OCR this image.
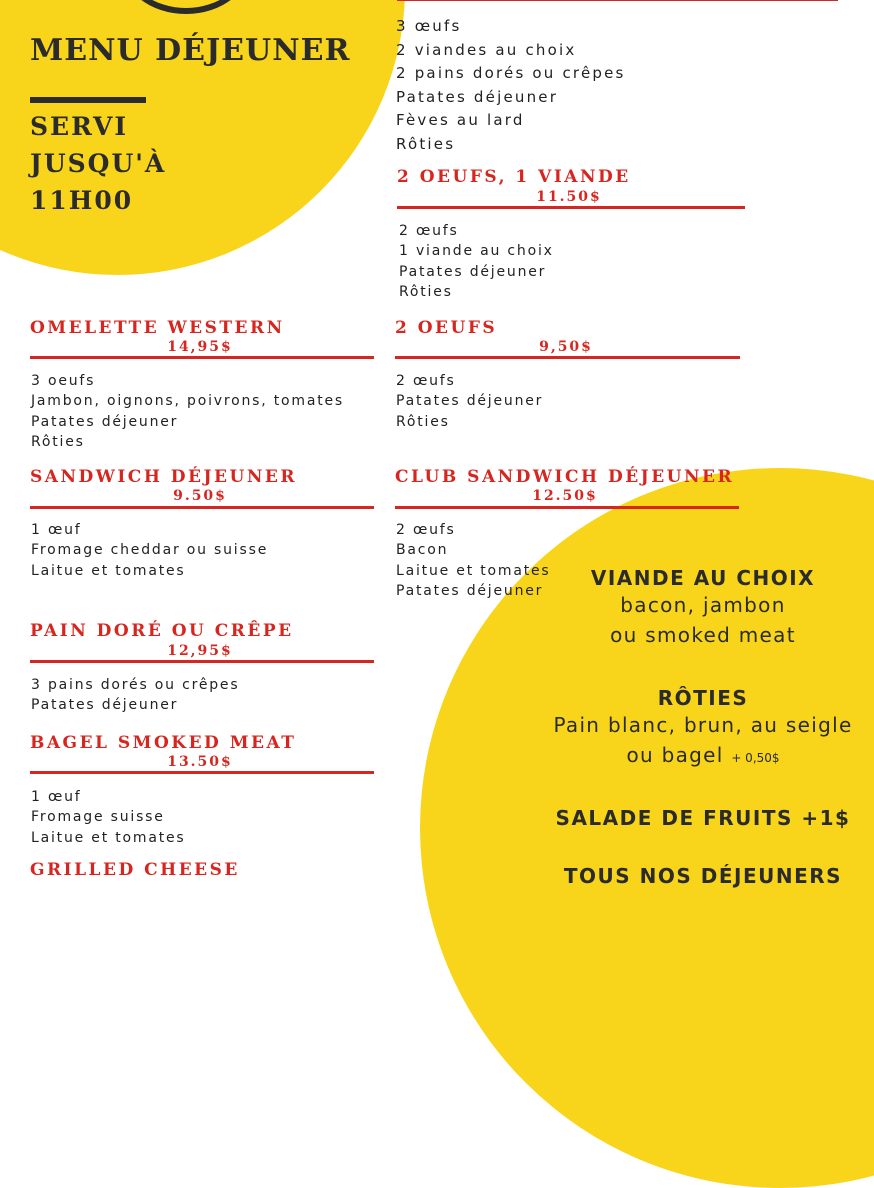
MENU DÉJEUNER
SERVI
JUSQU'À
11H00
3 œufs
2 viandes au choix
2 pains dorés ou crêpes
Patates déjeuner
Fèves au lard
Rôties
2 OEUFS, 1 VIANDE
11.50$
2 œufs
1 viande au choix
Patates déjeuner
Rôties
OMELETTE WESTERN
14,95$
3 oeufs
Jambon, oignons, poivrons, tomates
Patates déjeuner
Rôties
2 OEUFS
9,50$
2 œufs
Patates déjeuner
Rôties
SANDWICH DÉJEUNER
9.50$
1 œuf
Fromage cheddar ou suisse
Laitue et tomates
CLUB SANDWICH DÉJEUNER
12.50$
2 œufs
Bacon
Laitue et tomates
Patates déjeuner
PAIN DORÉ OU CRÊPE
12,95$
3 pains dorés ou crêpes
Patates déjeuner
BAGEL SMOKED MEAT
13.50$
1 œuf
Fromage suisse
Laitue et tomates
GRILLED CHEESE
VIANDE AU CHOIX
bacon, jambon
ou smoked meat
RÔTIES
Pain blanc, brun, au seigle
ou bagel + 0,50$
SALADE DE FRUITS +1$
TOUS NOS DÉJEUNERS
